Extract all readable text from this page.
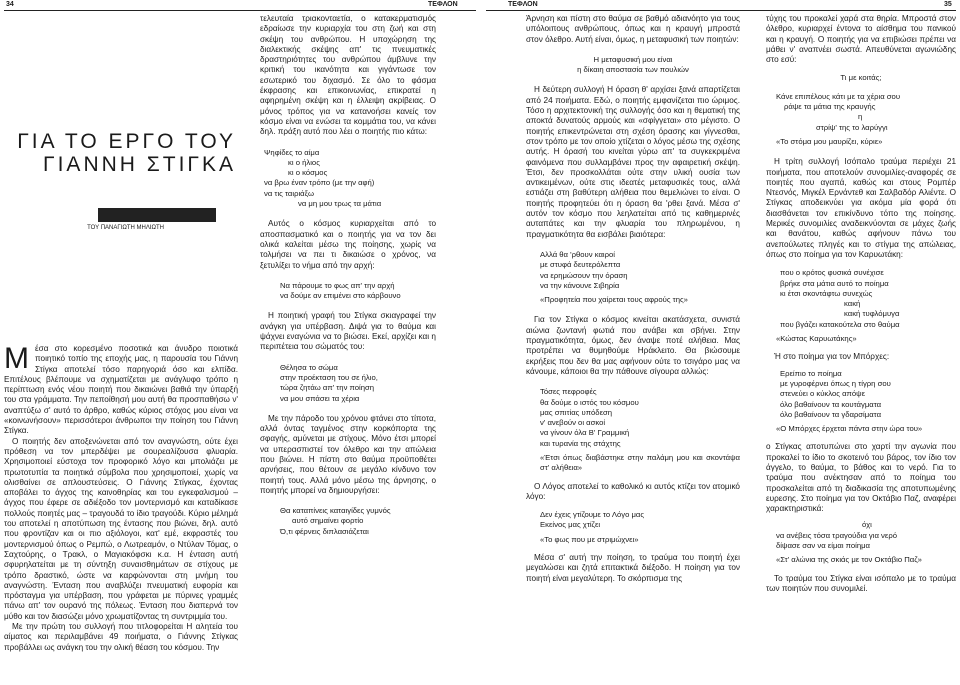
34	ΤΕΦΛΟΝ	ΤΕΦΛΟΝ	35
ΓΙΑ ΤΟ ΕΡΓΟ ΤΟΥ
ΓΙΑΝΝΗ ΣΤΙΓΚΑ
ΤΟΥ ΠΑΝΑΓΙΩΤΗ ΜΗΛΙΩΤΗ

Μέσα στο κορεσμένο ποσοτικά και άνυδρο ποιοτικά ποιητικό τοπίο της εποχής μας, η παρουσία του Γιάννη Στίγκα αποτελεί τόσο παρηγοριά όσο και ελπίδα. Επιτέλους βλέπουμε να σχηματίζεται με ανάγλυφο τρόπο η περίπτωση ενός νέου ποιητή που δικαιώνει βαθιά την ύπαρξή του στα γράμματα. Την πεποίθησή μου αυτή θα προσπαθήσω ν' αναπτύξω σ' αυτό το άρθρο, καθώς κύριος στόχος μου είναι να «κοινωνήσουν» περισσότεροι άνθρωποι την ποίηση του Γιάννη Στίγκα.

Ο ποιητής δεν αποξενώνεται από τον αναγνώστη, ούτε έχει πρόθεση να τον μπερδέψει με σουρεαλίζουσα φλυαρία. Χρησιμοποιεί εύστοχα τον προφορικό λόγο και μπολιάζει με πρωτοτυπία τα ποιητικά σύμβολα που χρησιμοποιεί, χωρίς να ολισθαίνει σε απλουστεύσεις. Ο Γιάννης Στίγκας, έχοντας αποβάλει το άγχος της καινοθηρίας και του εγκεφαλισμού – άγχος που έφερε σε αδιέξοδο τον μοντερνισμό και καταδίκασε πολλούς ποιητές μας – τραγουδά το ίδιο τραγούδι. Κύριο μέλημά του αποτελεί η αποτύπωση της έντασης που βιώνει, δηλ. αυτό που φροντίζαν και οι πιο αξιόλογοι, κατ' εμέ, εκφραστές του μοντερνισμού όπως ο Ρεμπώ, ο Λωτρεαμόν, ο Ντύλαν Τόμας, ο Σαχτούρης, ο Τρακλ, ο Μαγιακόφσκι κ.α. Η ένταση αυτή σφυρηλατείται με τη σύντηξη συναισθημάτων σε στίχους με τρόπο δραστικό, ώστε να καρφώνονται στη μνήμη του αναγνώστη. Ένταση που αναβλύζει πνευματική ευφορία και πρόσταγμα για υπέρβαση, που γράφεται με πύρινες γραμμές πάνω απ' τον ουρανό της πόλεως. Ένταση που διαπερνά τον μύθο και τον διασώζει μόνο χρωματίζοντας τη συντριμμία του.

Με την πρώτη του συλλογή που τιτλοφορείται Η αλητεία του αίματος και περιλαμβάνει 49 ποιήματα, ο Γιάννης Στίγκας προβάλλει ως ανάγκη του την ολική θέαση του κόσμου. Την

τελευταία τριακονταετία, ο κατακερματισμός εδραίωσε την κυριαρχία του στη ζωή και στη σκέψη του ανθρώπου. Η υποχώρηση της διαλεκτικής σκέψης απ' τις πνευματικές δραστηριότητες του ανθρώπου άμβλυνε την κριτική του ικανότητα και γιγάντωσε τον εσωτερικό του διχασμό. Σε όλο το φάσμα έκφρασης και επικοινωνίας, επικρατεί η αφηρημένη σκέψη και η έλλειψη ακρίβειας. Ο μόνος τρόπος για να κατανοήσει κανείς τον κόσμο είναι να ενώσει τα κομμάτια του, να κάνει δηλ. πράξη αυτό που λέει ο ποιητής πιο κάτω:

Ψηφίδες το αίμα
κι ο ήλιος
κι ο κόσμος
να βρω έναν τρόπο (με την αφή)
να τις ταιριάξω
να μη μου τρως τα μάτια

Αυτός ο κόσμος κυριαρχείται από το αποσπασματικό και ο ποιητής για να τον δει ολικά καλείται μέσω της ποίησης, χωρίς να τολμήσει να πει τι δικαιώσε ο χρόνος, να ξετυλίξει το νήμα από την αρχή:

Να πάρουμε το φως απ' την αρχή
να δούμε αν επιμένει στο κάρβουνο

Η ποιητική γραφή του Στίγκα σκιαγραφεί την ανάγκη για υπέρβαση. Διψά για το θαύμα και ψάχνει εναγώνια να το βιώσει. Εκεί, αρχίζει και η περιπέτεια του σώματός του:

Θέλησα το σώμα
στην προέκταση του σε ήλιο,
τώρα ζητάω απ' την ποίηση
να μου σπάσει τα χέρια

Με την πάροδο του χρόνου φτάνει στο τίποτα, αλλά όντας ταγμένος στην κορκόπορτα της σφαγής, αμύνεται με στίχους. Μόνο έτσι μπορεί να υπερασπιστεί τον όλεθρο και την απώλεια που βιώνει. Η πίστη στο θαύμα προϋποθέτει αρνήσεις, που θέτουν σε μεγάλο κίνδυνο τον ποιητή τους. Αλλά μόνο μέσω της άρνησης, ο ποιητής μπορεί να δημιουργήσει:

Θα καταπίνεις καταιγίδες γυμνός
αυτό σημαίνει φορτίο
Ό,τι φέρνεις διπλασιάζεται

Άρνηση και πίστη στο θαύμα σε βαθμό αδιανόητο για τους υπόλοιπους ανθρώπους, όπως και η κραυγή μπροστά στον όλεθρο. Αυτή είναι, όμως, η μεταφυσική των ποιητών:

Η μεταφυσική μου είναι
η δίκαιη αποστασία των πουλιών

Η δεύτερη συλλογή Η όραση θ' αρχίσει ξανά απαρτίζεται από 24 ποιήματα. Εδώ, ο ποιητής εμφανίζεται πιο ώριμος. Τόσο η αρχιτεκτονική της συλλογής όσο και η θεματική της αποκτά δυνατούς αρμούς και «σφίγγεται» στο μέγιστο. Ο ποιητής επικεντρώνεται στη σχέση όρασης και γίγνεσθαι, στον τρόπο με τον οποίο χτίζεται ο λόγος μέσω της σχέσης αυτής. Η όρασή του κινείται γύρω απ' τα συγκεκριμένα φαινόμενα που συλλαμβάνει προς την αφαιρετική σκέψη. Έτσι, δεν προσκολλάται ούτε στην υλική ουσία των αντικειμένων, ούτε στις ιδεατές μεταφυσικές τους, αλλά εστιάζει στη βαθύτερη αλήθεια που θεμελιώνει το είναι. Ο ποιητής προφητεύει ότι η όραση θα 'ρθει ξανά. Μέσα σ' αυτόν τον κόσμο που λεηλατείται από τις καθημερινές αυταπάτες και την φλυαρία του πληρωμένου, η πραγματικότητα θα εισβάλει βιαιότερα:

Αλλά θα 'ρθουν καιροί
με στυφά δευτερόλεπτα
να ερημώσουν την όραση
να την κάνουνε Σιβηρία
«Προφητεία που χαίρεται τους αφρούς της»

Για τον Στίγκα ο κόσμος κινείται ακατάσχετα, συνιστά αιώνια ζωντανή φωτιά που ανάβει και σβήνει. Στην πραγματικότητα, όμως, δεν άναψε ποτέ αλήθεια. Μας προτρέπει να θυμηθούμε Ηράκλειτο. Θα βιώσουμε εκρήξεις που δεν θα μας αφήνουν ούτε το τσιγάρο μας να κάνουμε, κάποιοι θα την πάθουνε σίγουρα αλλιώς:

Τόσες πεφροφές
θα δούμε ο ιστός του κόσμου
μας σπιτίας υπόδεση
ν' ανεβούν οι ασκοί
να γίνουν όλα Β' Γραμμική
και τυρανία της στάχτης
«Έτσι όπως διαβάστηκε στην παλάμη μου και σκοντάψα στ' αλήθεια»

Ο Λόγος αποτελεί το καθολικό κι αυτός κτίζει τον ατομικό λόγο:

Δεν έχεις γτίζουμε το Λόγο μας
Εκείνος μας χτίζει
«Το φως που με στριμώχνει»

Μέσα σ' αυτή την ποίηση, το τραύμα του ποιητή έχει μεγαλώσει και ζητά επιτακτικά διέξοδο. Η ποίηση για τον ποιητή είναι μεγαλύτερη. Το σκόρπισμα της

τύχης του προκαλεί χαρά στα θηρία. Μπροστά στον όλεθρο, κυριαρχεί έντονα το αίσθημα του πανικού και η κραυγή. Ο ποιητής για να επιβιώσει πρέπει να μάθει ν' αναπνέει σωστά. Απευθύνεται αγωνιώδης στο εσύ:

Τι με κοιτάς;
Κάνε επιπέλους κάτι με τα χέρια σου
ράψε τα μάτια της κραυγής
η
στρίψ' της το λαρύγγι
«Το στόμα μου μαυρίζει, κύριε»

Η τρίτη συλλογή Ισόπαλο τραύμα περιέχει 21 ποιήματα, που αποτελούν συνομιλίες-αναφορές σε ποιητές που αγαπά, καθώς και στους Ρομπέρ Ντεσνός, Μιγκέλ Ερνάντεθ και Σαλβαδόρ Αλιέντε. Ο Στίγκας αποδεικνύει για ακόμα μία φορά ότι διασθάνεται τον επικίνδυνο τόπο της ποίησης. Μερικές συνομιλίες αναδεικνύονται σε μάχες ζωής και θανάτου, καθώς αφήνουν πάνω του ανεπούλωτες πληγές και το στίγμα της απώλειας, όπως στο ποίημα για τον Καρυωτάκη:

που ο κρότος φυσικά συνέχισε
βρήκε στα μάτια αυτό το ποίημα
κι έτσι σκοντάφτω συνεχώς
κακή
κακή τυφλόμυγα
που βγάζει κατακούτελα στο θαύμα
«Κώστας Καρυωτάκης»

Ή στο ποίημα για τον Μπόρχες:

Ερείπιο το ποίημα
με γυροφέρνει όπως η τίγρη σου
στενεύει ο κύκλος απόψε
όλο βαθαίνουν τα κουτάγματα
όλο βαθαίνουν τα γδαρσίματα
«Ο Μπόρχες έρχεται πάντα στην ώρα του»

ο Στίγκας αποτυπώνει στο χαρτί την αγωνία που προκαλεί το ίδιο το σκοτεινό του βάρος, τον ίδιο τον άγγελο, το θαύμα, το βάθος και το νερό. Για το τραύμα που ανέκτησαν από το ποίημα του προσκαλείται από τη διαδικασία της αποτυπωμένης ευρεσης. Στο ποίημα για τον Οκτάβιο Παζ, αναφέρει χαρακτηριστικά:

όχι
να ανέβεις τόσα τραγούδια για νερό
δίψασε σαν να είμαι ποίημα
«Στ' αλώνια της σκιάς με τον Οκτάβιο Παζ»

Το τραύμα του Στίγκα είναι ισόπαλο με το τραύμα των ποιητών που συνομιλεί.
